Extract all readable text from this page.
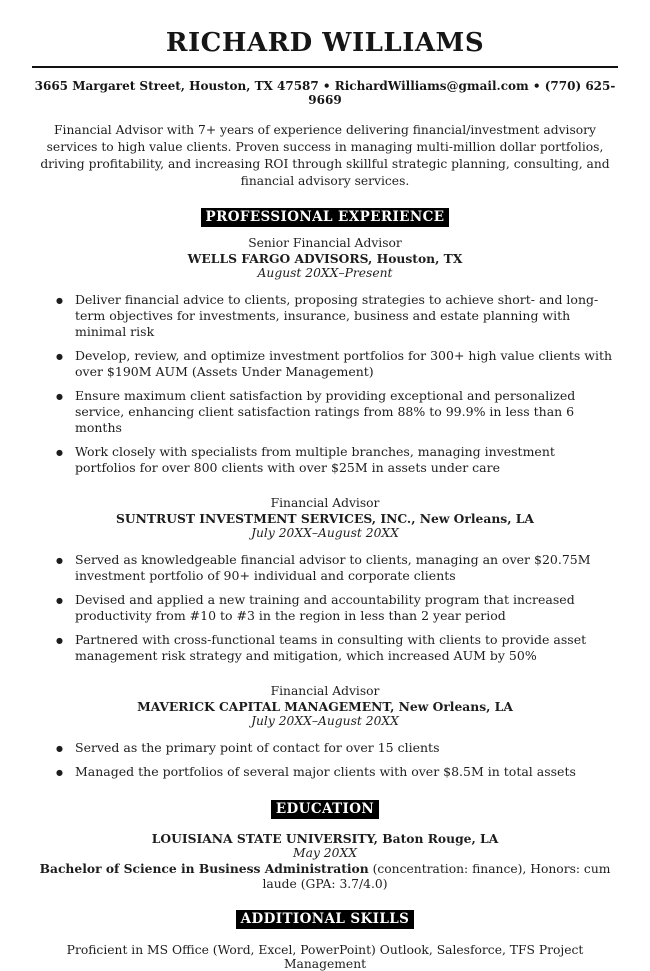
RICHARD WILLIAMS
3665 Margaret Street, Houston, TX 47587 • RichardWilliams@gmail.com • (770) 625-9669
Financial Advisor with 7+ years of experience delivering financial/investment advisory services to high value clients. Proven success in managing multi-million dollar portfolios, driving profitability, and increasing ROI through skillful strategic planning, consulting, and financial advisory services.
PROFESSIONAL EXPERIENCE
Senior Financial Advisor
WELLS FARGO ADVISORS, Houston, TX
August 20XX–Present
● Deliver financial advice to clients, proposing strategies to achieve short- and long-term objectives for investments, insurance, business and estate planning with minimal risk
● Develop, review, and optimize investment portfolios for 300+ high value clients with over $190M AUM (Assets Under Management)
● Ensure maximum client satisfaction by providing exceptional and personalized service, enhancing client satisfaction ratings from 88% to 99.9% in less than 6 months
● Work closely with specialists from multiple branches, managing investment portfolios for over 800 clients with over $25M in assets under care
Financial Advisor
SUNTRUST INVESTMENT SERVICES, INC., New Orleans, LA
July 20XX–August 20XX
● Served as knowledgeable financial advisor to clients, managing an over $20.75M investment portfolio of 90+ individual and corporate clients
● Devised and applied a new training and accountability program that increased productivity from #10 to #3 in the region in less than 2 year period
● Partnered with cross-functional teams in consulting with clients to provide asset management risk strategy and mitigation, which increased AUM by 50%
Financial Advisor
MAVERICK CAPITAL MANAGEMENT, New Orleans, LA
July 20XX–August 20XX
● Served as the primary point of contact for over 15 clients
● Managed the portfolios of several major clients with over $8.5M in total assets
EDUCATION
LOUISIANA STATE UNIVERSITY, Baton Rouge, LA
May 20XX
Bachelor of Science in Business Administration (concentration: finance), Honors: cum laude (GPA: 3.7/4.0)
ADDITIONAL SKILLS
Proficient in MS Office (Word, Excel, PowerPoint) Outlook, Salesforce, TFS Project Management
